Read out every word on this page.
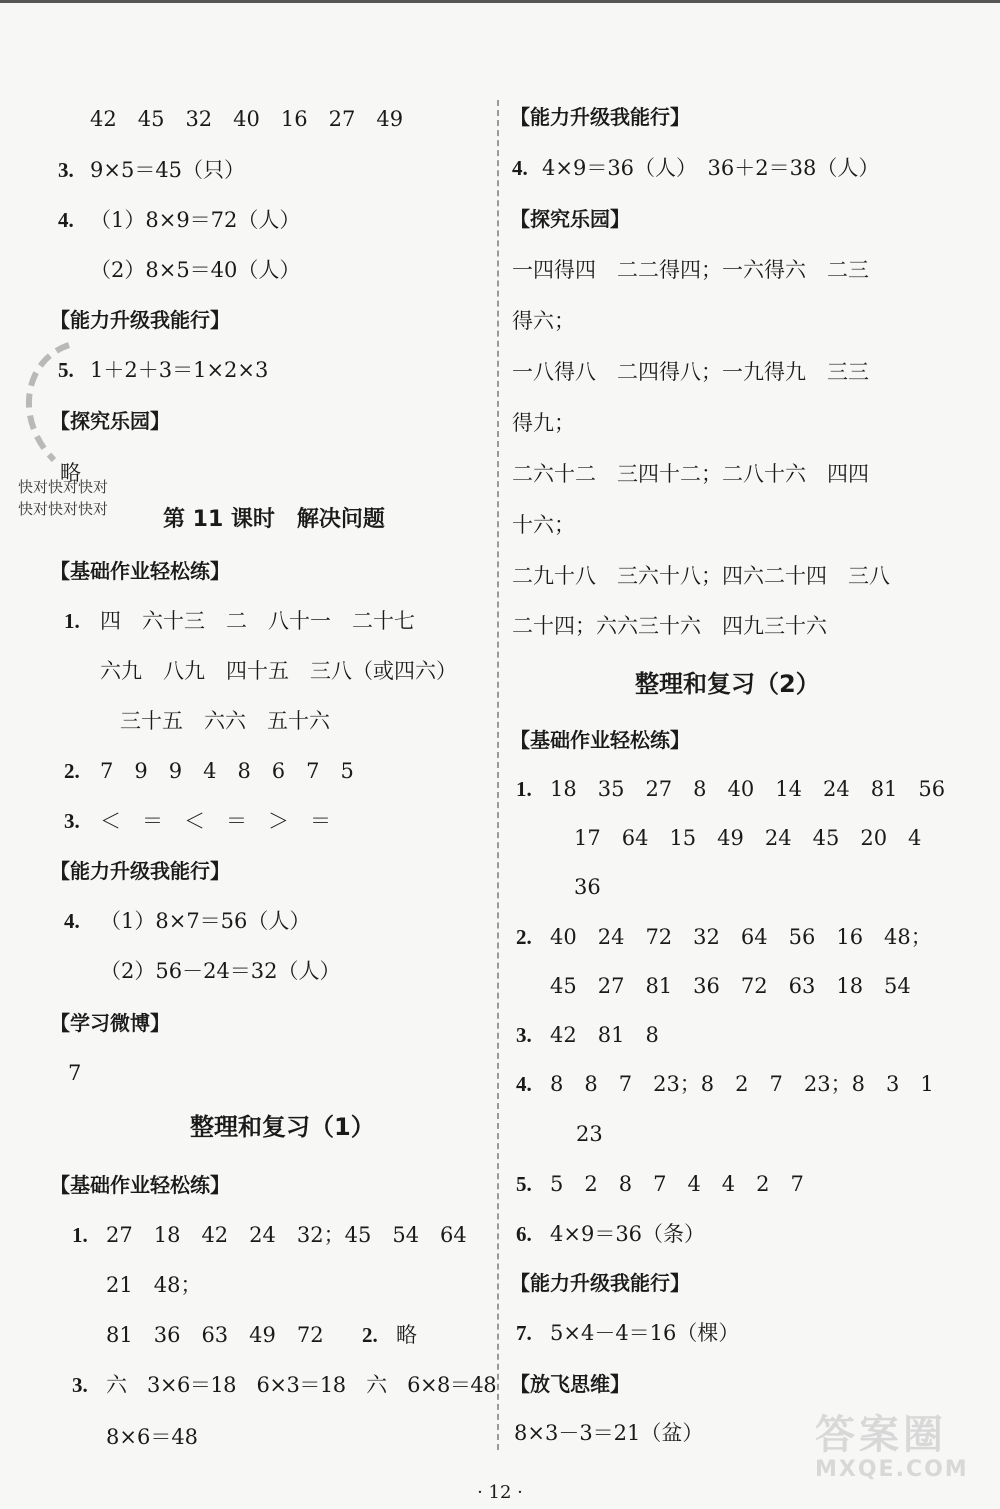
42　45　32　40　16　27　49
3. 9×5＝45（只）
4. （1）8×9＝72（人）
（2）8×5＝40（人）
【能力升级我能行】
5. 1＋2＋3＝1×2×3
【探究乐园】
略
第 11 课时　解决问题
【基础作业轻松练】
1. 四　六十三　二　八十一　二十七
六九　八九　四十五　三八（或四六）
三十五　六六　五十六
2. 7　9　9　4　8　6　7　5
3. ＜　＝　＜　＝　＞　＝
【能力升级我能行】
4. （1）8×7＝56（人）
（2）56－24＝32（人）
【学习微博】
7
整理和复习（1）
【基础作业轻松练】
1. 27　18　42　24　32；45　54　64
21　48；
81　36　63　49　72 2. 略
3. 六　3×6＝18　6×3＝18　六　6×8＝48
8×6＝48
【能力升级我能行】
4. 4×9＝36（人）　36＋2＝38（人）
【探究乐园】
一四得四　二二得四；一六得六　二三
得六；
一八得八　二四得八；一九得九　三三
得九；
二六十二　三四十二；二八十六　四四
十六；
二九十八　三六十八；四六二十四　三八
二十四；六六三十六　四九三十六
整理和复习（2）
【基础作业轻松练】
1. 18　35　27　8　40　14　24　81　56
17　64　15　49　24　45　20　4
36
2. 40　24　72　32　64　56　16　48；
45　27　81　36　72　63　18　54
3. 42　81　8
4. 8　8　7　23；8　2　7　23；8　3　1
23
5. 5　2　8　7　4　4　2　7
6. 4×9＝36（条）
【能力升级我能行】
7. 5×4－4＝16（棵）
【放飞思维】
8×3－3＝21（盆）
快对快对快对
快对快对快对
答案圈
MXQE.COM
· 12 ·
